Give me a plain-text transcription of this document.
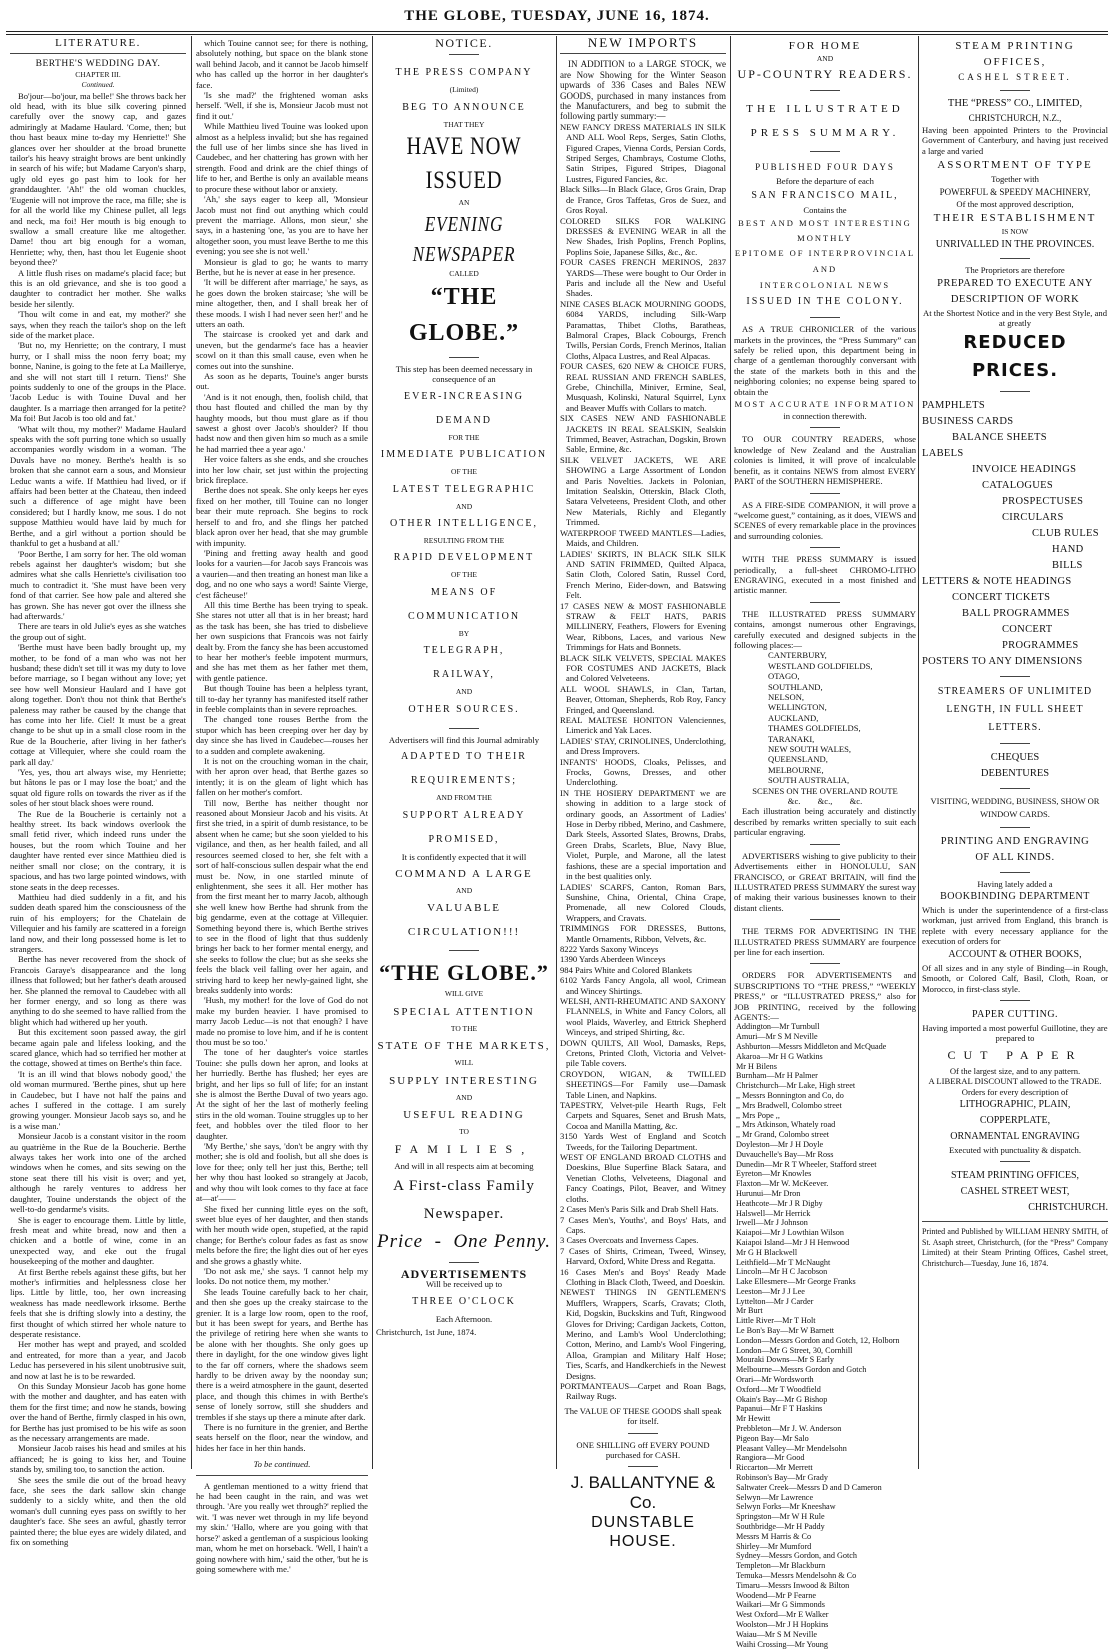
THE GLOBE, TUESDAY, JUNE 16, 1874.
LITERATURE.
BERTHE'S WEDDING DAY.
CHAPTER III.
Continued.

Bo'jour—bo'jour, ma belle!' She throws back her old head, with its blue silk covering pinned carefully over the snowy cap, and gazes admiringly at Madame Haulard. 'Come, then; but thou hast beaux mine to-day my Henriette!' She glances over her shoulder at the broad brunette tailor's his heavy straight brows are bent unkindly in search of his wife; but Madame Caryon's sharp, ugly old eyes go past him to look for her granddaughter. 'Ah!' the old woman chuckles, 'Eugenie will not improve the race, ma fille; she is for all the world like my Chinese pullet, all legs and neck, ma foi! Her mouth is big enough to swallow a small creature like me altogether. Dame! thou art big enough for a woman, Henriette; why, then, hast thou let Eugenie shoot beyond thee?'

A little flush rises on madame's placid face; but this is an old grievance, and she is too good a daughter to contradict her mother. She walks beside her silently.

'Thou wilt come in and eat, my mother?' she says, when they reach the tailor's shop on the left side of the market place.

'But no, my Henriette; on the contrary, I must hurry, or I shall miss the noon ferry boat; my bonne, Nanine, is going to the fete at La Maillerye, and she will not start till I return. Tiens!' She points suddenly to one of the groups in the Place. 'Jacob Leduc is with Touine Duval and her daughter. Is a marriage then arranged for la petite? Ma foi! But Jacob is too old and fat.'

'What wilt thou, my mother?' Madame Haulard speaks with the soft purring tone which so usually accompanies wordly wisdom in a woman. 'The Duvals have no money. Berthe's health is so broken that she cannot earn a sous, and Monsieur Leduc wants a wife. If Matthieu had lived, or if affairs had been better at the Chateau, then indeed such a difference of age might have been considered; but I hardly know, me sous. I do not suppose Matthieu would have laid by much for Berthe, and a girl without a portion should be thankful to get a husband at all.'

'Poor Berthe, I am sorry for her. The old woman rebels against her daughter's wisdom; but she admires what she calls Henriette's civilisation too much to contradict it. 'She must have been very fond of that carrier. See how pale and altered she has grown. She has never got over the illness she had afterwards.'

There are tears in old Julie's eyes as she watches the group out of sight.

'Berthe must have been badly brought up, my mother, to be fond of a man who was not her husband; these didn't set till it was my duty to love before marriage, so I began without any love; yet see how well Monsieur Haulard and I have got along together. Don't thou not think that Berthe's paleness may rather be caused by the change that has come into her life. Ciel! It must be a great change to be shut up in a small close room in the Rue de la Boucherie, after living in her father's cottage at Villequier, where she could roam the park all day.'

'Yes, yes, thou art always wise, my Henriette; but hâtons le pas or I may lose the boat;' and the squat old figure rolls on towards the river as if the soles of her stout black shoes were round.

The Rue de la Boucherie is certainly not a healthy street. Its back windows overlook the small fetid river, which indeed runs under the houses, but the room which Touine and her daughter have rented ever since Matthieu died is neither small nor close; on the contrary, it is spacious, and has two large pointed windows, with stone seats in the deep recesses.

Matthieu had died suddenly in a fit, and his sudden death spared him the consciousness of the ruin of his employers; for the Chatelain de Villequier and his family are scattered in a foreign land now, and their long possessed home is let to strangers.

Berthe has never recovered from the shock of Francois Garaye's disappearance and the long illness that followed; but her father's death aroused her. She planned the removal to Caudebec with all her former energy, and so long as there was anything to do she seemed to have rallied from the blight which had withered up her youth.

But this excitement soon passed away, the girl became again pale and lifeless looking, and the scared glance, which had so terrified her mother at the cottage, showed at times on Berthe's thin face.

'It is an ill wind that blows nobody good,' the old woman murmured. 'Berthe pines, shut up here in Caudebec, but I have not half the pains and aches I suffered in the cottage. I am surely growing younger. Monsieur Jacob says so, and he is a wise man.'

Monsieur Jacob is a constant visitor in the room au quatrième in the Rue de la Boucherie. Berthe always takes her work into one of the arched windows when he comes, and sits sewing on the stone seat there till his visit is over; and yet, although he rarely ventures to address her daughter, Touine understands the object of the well-to-do gendarme's visits.

She is eager to encourage them. Little by little, fresh meat and white bread, now and then a chicken and a bottle of wine, come in an unexpected way, and eke out the frugal housekeeping of the mother and daughter.

At first Berthe rebels against these gifts, but her mother's infirmities and helplessness close her lips. Little by little, too, her own increasing weakness has made needlework irksome. Berthe feels that she is drifting slowly into a destiny, the first thought of which stirred her whole nature to desperate resistance.

Her mother has wept and prayed, and scolded and entreated, for more than a year, and Jacob Leduc has persevered in his silent unobtrusive suit, and now at last he is to be rewarded.

On this Sunday Monsieur Jacob has gone home with the mother and daughter, and has eaten with them for the first time; and now he stands, bowing over the hand of Berthe, firmly clasped in his own, for Berthe has just promised to be his wife as soon as the necessary arrangements are made.

Monsieur Jacob raises his head and smiles at his affianced; he is going to kiss her, and Touine stands by, smiling too, to sanction the action.

She sees the smile die out of the broad heavy face, she sees the dark sallow skin change suddenly to a sickly white, and then the old woman's dull cunning eyes pass on swiftly to her daughter's face. She sees an awful, ghastly terror painted there; the blue eyes are widely dilated, and fix on something

which Touine cannot see; for there is nothing, absolutely nothing, but space on the blank stone wall behind Jacob, and it cannot be Jacob himself who has called up the horror in her daughter's face.

'Is she mad?' the frightened woman asks herself. 'Well, if she is, Monsieur Jacob must not find it out.'

While Matthieu lived Touine was looked upon almost as a helpless invalid; but she has regained the full use of her limbs since she has lived in Caudebec, and her chattering has grown with her strength. Food and drink are the chief things of life to her, and Berthe is only an available means to procure these without labor or anxiety.

'Ah,' she says eager to keep all, 'Monsieur Jacob must not find out anything which could prevent the marriage. Allons, mon sieur,' she says, in a hastening 'one, 'as you are to have her altogether soon, you must leave Berthe to me this evening; you see she is not well.'

Monsieur is glad to go; he wants to marry Berthe, but he is never at ease in her presence.

'It will be different after marriage,' he says, as he goes down the broken staircase; 'she will be mine altogether, then, and I shall break her of these moods. I wish I had never seen her!' and he utters an oath.

The staircase is crooked yet and dark and uneven, but the gendarme's face has a heavier scowl on it than this small cause, even when he comes out into the sunshine.

As soon as he departs, Touine's anger bursts out.

'And is it not enough, then, foolish child, that thou hast flouted and chilled the man by thy haughty moods, but thou must glare as if thou sawest a ghost over Jacob's shoulder? If thou hadst now and then given him so much as a smile he had married thee a year ago.'

Her voice falters as she ends, and she crouches into her low chair, set just within the projecting brick fireplace.

Berthe does not speak. She only keeps her eyes fixed on her mother, till Touine can no longer bear their mute reproach. She begins to rock herself to and fro, and she flings her patched black apron over her head, that she may grumble with impunity.

'Pining and fretting away health and good looks for a vaurien—for Jacob says Francois was a vaurien—and then treating an honest man like a dog, and no one who says a word! Sainte Vierge, c'est fâcheuse!'

All this time Berthe has been trying to speak. She stares not utter all that is in her breast; hard as the task has been, she has tried to disbelieve her own suspicions that Francois was not fairly dealt by. From the fancy she has been accustomed to hear her mother's feeble impotent murmurs, and she has met them as her father met them, with gentle patience.

But though Touine has been a helpless tyrant, till to-day her tyranny has manifested itself rather in feeble complaints than in severe reproaches.

The changed tone rouses Berthe from the stupor which has been creeping over her day by day since she has lived in Caudebec—rouses her to a sudden and complete awakening.

It is not on the crouching woman in the chair, with her apron over head, that Berthe gazes so intently; it is on the gleam of light which has fallen on her mother's comfort.

Till now, Berthe has neither thought nor reasoned about Monsieur Jacob and his visits. At first she tried, in a spirit of dumb resistance, to be absent when he came; but she soon yielded to his vigilance, and then, as her health failed, and all resources seemed closed to her, she felt with a sort of half-conscious sullen despair what the end must be. Now, in one startled minute of enlightenment, she sees it all. Her mother has from the first meant her to marry Jacob, although she well knew how Berthe had shrunk from the big gendarme, even at the cottage at Villequier. Something beyond there is, which Berthe strives to see in the flood of light that thus suddenly brings her back to her former mental energy, and she seeks to follow the clue; but as she seeks she feels the black veil falling over her again, and striving hard to keep her newly-gained light, she breaks suddenly into words:

'Hush, my mother! for the love of God do not make my burden heavier. I have promised to marry Jacob Leduc—is not that enough? I have made no promise to love him, and if he is content thou must be so too.'

The tone of her daughter's voice startles Touine: she pulls down her apron, and looks at her hurriedly. Berthe has flushed; her eyes are bright, and her lips so full of life; for an instant she is almost the Berthe Duval of two years ago. At the sight of her the last of motherly feeling stirs in the old woman. Touine struggles up to her feet, and hobbles over the tiled floor to her daughter.

'My Berthe,' she says, 'don't be angry with thy mother; she is old and foolish, but all she does is love for thee; only tell her just this, Berthe; tell her why thou hast looked so strangely at Jacob, and why thou wilt look comes to thy face at face at—at'——

She fixed her cunning little eyes on the soft, sweet blue eyes of her daughter, and then stands with her mouth wide open, stupefied, at the rapid change; for Berthe's colour fades as fast as snow melts before the fire; the light dies out of her eyes and she grows a ghastly white.

'Do not ask me,' she says. 'I cannot help my looks. Do not notice them, my mother.'

She leads Touine carefully back to her chair, and then she goes up the creaky staircase to the grenier. It is a large low room, open to the roof, but it has been swept for years, and Berthe has the privilege of retiring here when she wants to be alone with her thoughts. She only goes up there in daylight, for the one window gives light to the far off corners, where the shadows seem hardly to be driven away by the noonday sun; there is a weird atmosphere in the gaunt, deserted place, and though this chimes in with Berthe's sense of lonely sorrow, still she shudders and trembles if she stays up there a minute after dark.

There is no furniture in the grenier, and Berthe seats herself on the floor, near the window, and hides her face in her thin hands.

To be continued.

A gentleman mentioned to a witty friend that he had been caught in the rain, and was wet through. 'Are you really wet through?' replied the wit. 'I was never wet through in my life beyond my skin.' 'Hallo, where are you going with that horse?' asked a gentleman of a suspicious looking man, whom he met on horseback. 'Well, I hain't a going nowhere with him,' said the other, 'but he is going somewhere with me.'

NOTICE.
THE PRESS COMPANY
(Limited)
BEG TO ANNOUNCE
THAT THEY
HAVE NOW ISSUED
AN
EVENING NEWSPAPER
CALLED
“THE GLOBE.”
This step has been deemed necessary in consequence of an
EVER-INCREASING DEMAND
FOR THE
IMMEDIATE PUBLICATION
OF THE
LATEST TELEGRAPHIC
AND
OTHER INTELLIGENCE,
RESULTING FROM THE
RAPID DEVELOPMENT
OF THE
MEANS OF COMMUNICATION
BY
TELEGRAPH,
RAILWAY,
AND
OTHER SOURCES.
Advertisers will find this Journal admirably
ADAPTED TO THEIR REQUIREMENTS;
AND FROM THE
SUPPORT ALREADY PROMISED,
It is confidently expected that it will
COMMAND A LARGE
AND
VALUABLE CIRCULATION!!!
“THE GLOBE.”
WILL GIVE
SPECIAL ATTENTION
TO THE
STATE OF THE MARKETS,
WILL
SUPPLY INTERESTING
AND
USEFUL READING
TO
FAMILIES,
And will in all respects aim at becoming
A First-class Family Newspaper.
Price  -  One Penny.
ADVERTISEMENTS
Will be received up to
THREE O'CLOCK
Each Afternoon.
Christchurch, 1st June, 1874.
NEW IMPORTS

IN ADDITION to a LARGE STOCK, we are Now Showing for the Winter Season upwards of 336 Cases and Bales NEW GOODS, purchased in many instances from the Manufacturers, and beg to submit the following partly summary:—

NEW FANCY DRESS MATERIALS IN SILK AND ALL Wool Reps, Serges, Satin Cloths, Figured Crapes, Vienna Cords, Persian Cords, Striped Serges, Chambrays, Costume Cloths, Satin Stripes, Figured Stripes, Diagonal Lustres, Figured Fancies, &c.

Black Silks—In Black Glace, Gros Grain, Drap de France, Gros Taffetas, Gros de Suez, and Gros Royal.

COLORED SILKS FOR WALKING DRESSES & EVENING WEAR in all the New Shades, Irish Poplins, French Poplins, Poplins Soie, Japanese Silks, &c., &c.

FOUR CASES FRENCH MERINOS, 2837 YARDS—These were bought to Our Order in Paris and include all the New and Useful Shades.

NINE CASES BLACK MOURNING GOODS, 6084 YARDS, including Silk-Warp Paramattas, Thibet Cloths, Baratheas, Balmoral Crapes, Black Cobourgs, French Twills, Persian Cords, French Merinos, Italian Cloths, Alpaca Lustres, and Real Alpacas.

FOUR CASES, 620 NEW & CHOICE FURS, REAL RUSSIAN AND FRENCH SABLES, Grebe, Chinchilla, Miniver, Ermine, Seal, Musquash, Kolinski, Natural Squirrel, Lynx and Beaver Muffs with Collars to match.

SIX CASES NEW AND FASHIONABLE JACKETS IN REAL SEALSKIN, Sealskin Trimmed, Beaver, Astrachan, Dogskin, Brown Sable, Ermine, &c.

SILK VELVET JACKETS, WE ARE SHOWING a Large Assortment of London and Paris Novelties. Jackets in Polonian, Imitation Sealskin, Otterskin, Black Cloth, Satara Velveteens, President Cloth, and other New Materials, Richly and Elegantly Trimmed.

WATERPROOF TWEED MANTLES—Ladies, Maids, and Children.

LADIES' SKIRTS, IN BLACK SILK SILK AND SATIN FRIMMED, Quilted Alpaca, Satin Cloth, Colored Satin, Russel Cord, French Merino, Eider-down, and Batswing Felt.

17 CASES NEW & MOST FASHIONABLE STRAW & FELT HATS, PARIS MILLINERY, Feathers, Flowers for Evening Wear, Ribbons, Laces, and various New Trimmings for Hats and Bonnets.

BLACK SILK VELVETS, SPECIAL MAKES FOR COSTUMES AND JACKETS, Black and Colored Velveteens.

ALL WOOL SHAWLS, in Clan, Tartan, Beaver, Ottoman, Shepherds, Rob Roy, Fancy Fringed, and Queensland.

REAL MALTESE HONITON Valenciennes, Limerick and Yak Laces.

LADIES' STAY, CRINOLINES, Underclothing, and Dress Improvers.

INFANTS' HOODS, Cloaks, Pelisses, and Frocks, Gowns, Dresses, and other Underclothing.

IN THE HOSIERY DEPARTMENT we are showing in addition to a large stock of ordinary goods, an Assortment of Ladies' Hose in Derby ribbed, Merino, and Cashmere, Dark Steels, Assorted Slates, Browns, Drabs, Green Drabs, Scarlets, Blue, Navy Blue, Violet, Purple, and Marone, all the latest fashions, these are a special importation and in the best qualities only.

LADIES' SCARFS, Canton, Roman Bars, Sunshine, China, Oriental, China Crape, Promenade, all new Colored Clouds, Wrappers, and Cravats.

TRIMMINGS FOR DRESSES, Buttons, Mantle Ornaments, Ribbon, Velvets, &c.

8222 Yards Saxony Winceys

1390 Yards Aberdeen Winceys

984 Pairs White and Colored Blankets

6102 Yards Fancy Angola, all wool, Crimean and Wincey Shirtings.

WELSH, ANTI-RHEUMATIC AND SAXONY FLANNELS, in White and Fancy Colors, all wool Plaids, Waverley, and Ettrick Shepherd Winceys, and striped Shirting, &c.

DOWN QUILTS, All Wool, Damasks, Reps, Cretons, Printed Cloth, Victoria and Velvet-pile Table covers.

CROYDON, WIGAN, & TWILLED SHEETINGS—For Family use—Damask Table Linen, and Napkins.

TAPESTRY, Velvet-pile Hearth Rugs, Felt Carpets and Squares, Senet and Brush Mats, Cocoa and Manilla Matting, &c.

3150 Yards West of England and Scotch Tweeds, for the Tailoring Department.

WEST OF ENGLAND BROAD CLOTHS and Doeskins, Blue Superfine Black Satara, and Venetian Cloths, Velveteens, Diagonal and Fancy Coatings, Pilot, Beaver, and Witney cloths.

2 Cases Men's Paris Silk and Drab Shell Hats.

7 Cases Men's, Youths', and Boys' Hats, and Caps.

3 Cases Overcoats and Inverness Capes.

7 Cases of Shirts, Crimean, Tweed, Winsey, Harvard, Oxford, White Dress and Regatta.

16 Cases Men's and Boys' Ready Made Clothing in Black Cloth, Tweed, and Doeskin.

NEWEST THINGS IN GENTLEMEN'S Mufflers, Wrappers, Scarfs, Cravats; Cloth, Kid, Dogskin, Buckskins and Tuft, Ringwood Gloves for Driving; Cardigan Jackets, Cotton, Merino, and Lamb's Wool Underclothing; Cotton, Merino, and Lamb's Wool Fingering, Alloa, Grampian and Military Half Hose; Ties, Scarfs, and Handkerchiefs in the Newest Designs.

PORTMANTEAUS—Carpet and Roan Bags, Railway Rugs.

The VALUE OF THESE GOODS shall speak for itself.
ONE SHILLING off EVERY POUND purchased for CASH.
J. BALLANTYNE & Co.
DUNSTABLE HOUSE.
FOR HOME
AND
UP-COUNTRY READERS.
THE ILLUSTRATED
PRESS SUMMARY.
PUBLISHED FOUR DAYS
Before the departure of each
SAN FRANCISCO MAIL,
Contains the
BEST AND MOST INTERESTING
MONTHLY
EPITOME OF INTERPROVINCIAL AND
INTERCOLONIAL NEWS
ISSUED IN THE COLONY.

AS A TRUE CHRONICLER of the various markets in the provinces, the “Press Summary” can safely be relied upon, this department being in charge of a gentleman thoroughly conversant with the state of the markets both in this and the neighboring colonies; no expense being spared to obtain the

MOST ACCURATE INFORMATION
in connection therewith.

TO OUR COUNTRY READERS, whose knowledge of New Zealand and the Australian colonies is limited, it will prove of incalculable benefit, as it contains NEWS from almost EVERY PART of the SOUTHERN HEMISPHERE.

AS A FIRE-SIDE COMPANION, it will prove a “welcome guest,” containing, as it does, VIEWS and SCENES of every remarkable place in the provinces and surrounding colonies.

WITH THE PRESS SUMMARY is issued periodically, a full-sheet CHROMO-LITHO ENGRAVING, executed in a most finished and artistic manner.

THE ILLUSTRATED PRESS SUMMARY contains, amongst numerous other Engravings, carefully executed and designed subjects in the following places:—

CANTERBURY,
WESTLAND GOLDFIELDS,
OTAGO,
SOUTHLAND,
NELSON,
WELLINGTON,
AUCKLAND,
THAMES GOLDFIELDS,
TARANAKI,
NEW SOUTH WALES,
QUEENSLAND,
MELBOURNE,
SOUTH AUSTRALIA,
SCENES ON THE OVERLAND ROUTE
&c.        &c.,        &c.

Each illustration being accurately and distinctly described by remarks written specially to suit each particular engraving.

ADVERTISERS wishing to give publicity to their Advertisements either in HONOLULU, SAN FRANCISCO, or GREAT BRITAIN, will find the ILLUSTRATED PRESS SUMMARY the surest way of making their various businesses known to their distant clients.

THE TERMS FOR ADVERTISING IN THE ILLUSTRATED PRESS SUMMARY are fourpence per line for each insertion.

ORDERS FOR ADVERTISEMENTS and SUBSCRIPTIONS TO “THE PRESS,” “WEEKLY PRESS,” or “ILLUSTRATED PRESS,” also for JOB PRINTING, received by the following AGENTS:—

Addington—Mr Turnbull
Amuri—Mr S M Neville
Ashburton—Messrs Middleton and McQuade
Akaroa—Mr H G Watkins
Mr H Bilens
Burnham—Mr H Palmer
Christchurch—Mr Lake, High street
,, Messrs Bonnington and Co, do
,, Mrs Bradwell, Colombo street
,, Mrs Pope ,,
,, Mrs Atkinson, Whately road
,, Mr Grand, Colombo street
Doyleston—Mr J H Doyle
Duvauchelle's Bay—Mr Ross
Dunedin—Mr R T Wheeler, Stafford street
Eyreton—Mr Knowles
Flaxton—Mr W. McKeever.
Hurunui—Mr Dron
Heathcote—Mr J R Digby
Halswell—Mr Herrick
Irwell—Mr J Johnson
Kaiapoi—Mr J Lowthian Wilson
Kaiapoi Island—Mr J H Henwood
Mr G H Blackwell
Leithfield—Mr T McNaught
Lincoln—Mr H C Jacobson
Lake Ellesmere—Mr George Franks
Leeston—Mr J J Lee
Lyttelton—Mr J Carder
Mr Burt
Little River—Mr T Holt
Le Bon's Bay—Mr W Barnett
London—Messrs Gordon and Gotch, 12, Holborn
London—Mr G Street, 30, Cornhill
Mouraki Downs—Mr S Early
Melbourne—Messrs Gordon and Gotch
Orari—Mr Wordsworth
Oxford—Mr T Woodfield
Okain's Bay—Mr G Bishop
Papanui—Mr F T Haskins
Mr Hewitt
Prebbleton—Mr J. W. Anderson
Pigeon Bay—Mr Salo
Pleasant Valley—Mr Mendelsohn
Rangiora—Mr Good
Riccarton—Mr Merrett
Robinson's Bay—Mr Grady
Saltwater Creek—Messrs D and D Cameron
Selwyn—Mr Lawrence
Selwyn Forks—Mr Kneeshaw
Springston—Mr W H Rule
Southbridge—Mr H Paddy
Messrs M Harris & Co
Shirley—Mr Mumford
Sydney—Messrs Gordon, and Gotch
Templeton—Mr Blackburn
Temuka—Messrs Mendelsohn & Co
Timaru—Messrs Inwood & Bilton
Woodend—Mr P Fearne
Waikari—Mr G Simmonds
West Oxford—Mr E Walker
Woolston—Mr J H Hopkins
Waiau—Mr S M Neville
Waihi Crossing—Mr Young
STEAM PRINTING OFFICES,
CASHEL STREET.
THE “PRESS” CO., LIMITED,
CHRISTCHURCH, N.Z.,

Having been appointed Printers to the Provincial Government of Canterbury, and having just received a large and varied

ASSORTMENT OF TYPE
Together with
POWERFUL & SPEEDY MACHINERY,
Of the most approved description,
THEIR ESTABLISHMENT
IS NOW
UNRIVALLED IN THE PROVINCES.
The Proprietors are therefore
PREPARED TO EXECUTE ANY
DESCRIPTION OF WORK
At the Shortest Notice and in the very Best Style, and at greatly
REDUCED PRICES.
PAMPHLETS
BUSINESS CARDS
BALANCE SHEETS
LABELS
INVOICE HEADINGS
CATALOGUES
PROSPECTUSES
CIRCULARS
CLUB RULES
HAND BILLS
LETTERS & NOTE HEADINGS
CONCERT TICKETS
BALL PROGRAMMES
CONCERT PROGRAMMES
POSTERS TO ANY DIMENSIONS
STREAMERS OF UNLIMITED
LENGTH, IN FULL SHEET
LETTERS.
CHEQUES
DEBENTURES
VISITING, WEDDING, BUSINESS, SHOW OR WINDOW CARDS.
PRINTING AND ENGRAVING
OF ALL KINDS.
Having lately added a
BOOKBINDING DEPARTMENT

Which is under the superintendence of a first-class workman, just arrived from England, this branch is replete with every necessary appliance for the execution of orders for

ACCOUNT & OTHER BOOKS,

Of all sizes and in any style of Binding—in Rough, Smooth, or Colored Calf, Basil, Cloth, Roan, or Morocco, in first-class style.

PAPER CUTTING.
Having imported a most powerful Guillotine, they are prepared to
CUT PAPER
Of the largest size, and to any pattern.
A LIBERAL DISCOUNT allowed to the TRADE.
Orders for every description of
LITHOGRAPHIC, PLAIN,
COPPERPLATE,
ORNAMENTAL ENGRAVING
Executed with punctuality & dispatch.
STEAM PRINTING OFFICES,
CASHEL STREET WEST,
CHRISTCHURCH.

Printed and Published by WILLIAM HENRY SMITH, of St. Asaph street, Christchurch, (for the “Press” Company Limited) at their Steam Printing Offices, Cashel street, Christchurch—Tuesday, June 16, 1874.
